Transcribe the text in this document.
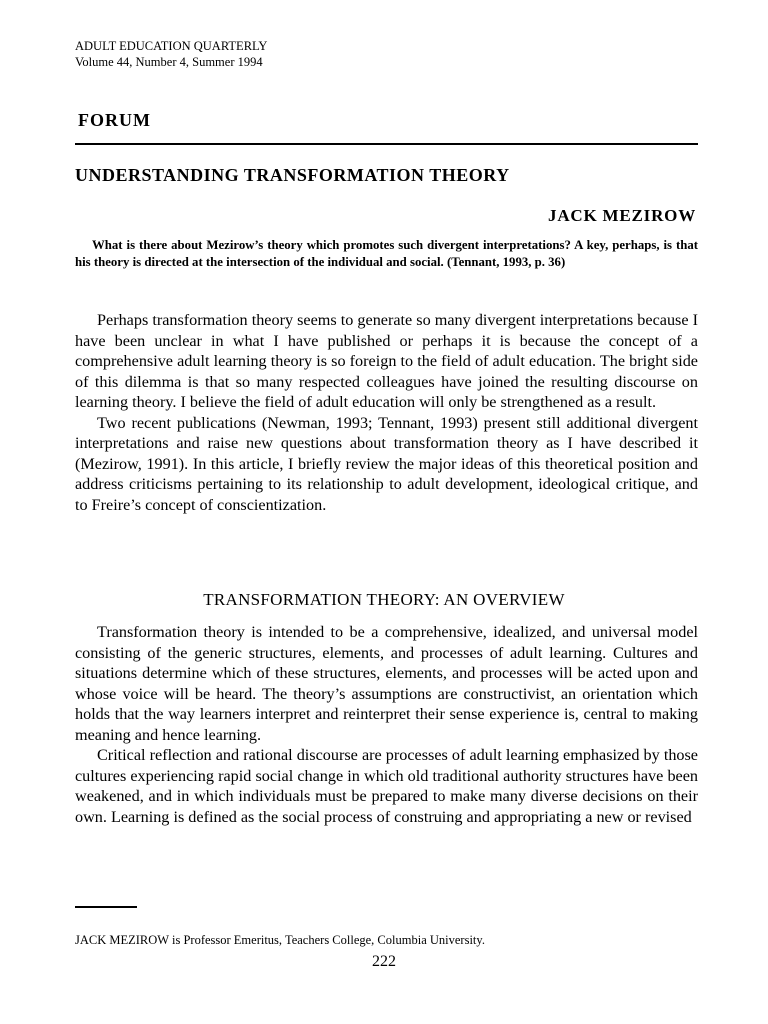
ADULT EDUCATION QUARTERLY
Volume 44, Number 4, Summer 1994
FORUM
UNDERSTANDING TRANSFORMATION THEORY
JACK MEZIROW
What is there about Mezirow’s theory which promotes such divergent interpretations? A key, perhaps, is that his theory is directed at the intersection of the individual and social. (Tennant, 1993, p. 36)

Perhaps transformation theory seems to generate so many divergent interpretations because I have been unclear in what I have published or perhaps it is because the concept of a comprehensive adult learning theory is so foreign to the field of adult education. The bright side of this dilemma is that so many respected colleagues have joined the resulting discourse on learning theory. I believe the field of adult education will only be strengthened as a result.

Two recent publications (Newman, 1993; Tennant, 1993) present still additional divergent interpretations and raise new questions about transformation theory as I have described it (Mezirow, 1991). In this article, I briefly review the major ideas of this theoretical position and address criticisms pertaining to its relationship to adult development, ideological critique, and to Freire’s concept of conscientization.

TRANSFORMATION THEORY: AN OVERVIEW

Transformation theory is intended to be a comprehensive, idealized, and universal model consisting of the generic structures, elements, and processes of adult learning. Cultures and situations determine which of these structures, elements, and processes will be acted upon and whose voice will be heard. The theory’s assumptions are constructivist, an orientation which holds that the way learners interpret and reinterpret their sense experience is, central to making meaning and hence learning.

Critical reflection and rational discourse are processes of adult learning emphasized by those cultures experiencing rapid social change in which old traditional authority structures have been weakened, and in which individuals must be prepared to make many diverse decisions on their own. Learning is defined as the social process of construing and appropriating a new or revised

JACK MEZIROW is Professor Emeritus, Teachers College, Columbia University.
222
